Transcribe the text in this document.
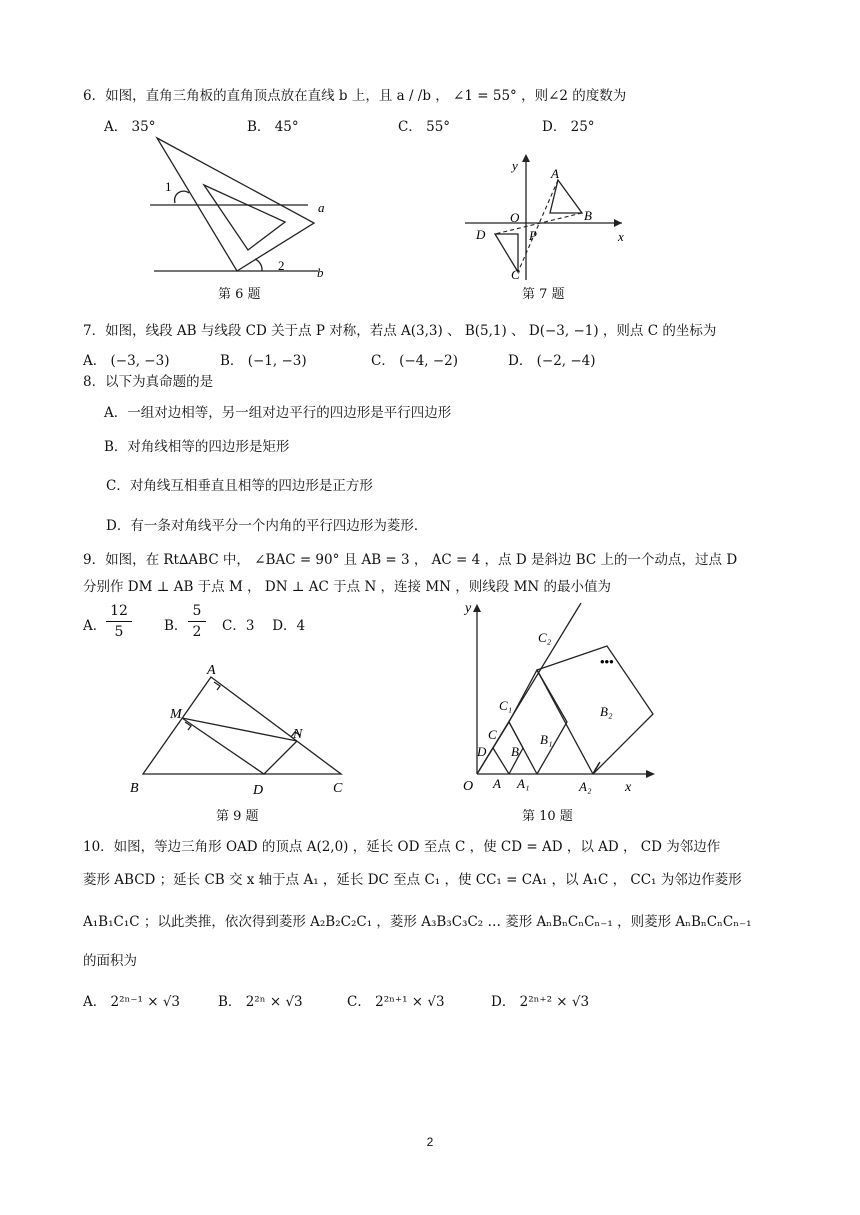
6．如图，直角三角板的直角顶点放在直线 b 上，且 a / /b ， ∠1 = 55° ，则∠2 的度数为
A． 35°	B． 45°	C． 55°	D． 25°
1
2
a
b
第 6 题
y
x
O
P
A
B
C
D
第 7 题
7．如图，线段 AB 与线段 CD 关于点 P 对称，若点 A(3,3) 、 B(5,1) 、 D(−3, −1) ，则点 C 的坐标为
A． (−3, −3)	B． (−1, −3)	C． (−4, −2)	D． (−2, −4)
8．以下为真命题的是
A．一组对边相等，另一组对边平行的四边形是平行四边形
B．对角线相等的四边形是矩形
C．对角线互相垂直且相等的四边形是正方形
D．有一条对角线平分一个内角的平行四边形为菱形．
9．如图，在 Rt∆ABC 中， ∠BAC = 90° 且 AB = 3 ， AC = 4 ，点 D 是斜边 BC 上的一个动点，过点 D
分别作 DM ⊥ AB 于点 M ， DN ⊥ AC 于点 N ，连接 MN ，则线段 MN 的最小值为
A． $\frac{12}{5}$ B． $\frac{5}{2}$ C．3　 D．4
A
B	C
D
M
N
第 9 题
y
x
O A A₁	A₂
B
B₁
B₂
C
C₁
C₂
D
•••
第 10 题
10．如图，等边三角形 OAD 的顶点 A(2,0) ，延长 OD 至点 C ，使 CD = AD ，以 AD ， CD 为邻边作
菱形 ABCD ；延长 CB 交 x 轴于点 A₁ ，延长 DC 至点 C₁ ，使 CC₁ = CA₁ ，以 A₁C ， CC₁ 为邻边作菱形
A₁B₁C₁C ；以此类推，依次得到菱形 A₂B₂C₂C₁ ，菱形 A₃B₃C₃C₂ … 菱形 AₙBₙCₙCₙ₋₁ ，则菱形 AₙBₙCₙCₙ₋₁
的面积为
A． 2²ⁿ⁻¹ × √3	B． 2²ⁿ × √3	C． 2²ⁿ⁺¹ × √3	D． 2²ⁿ⁺² × √3
2
